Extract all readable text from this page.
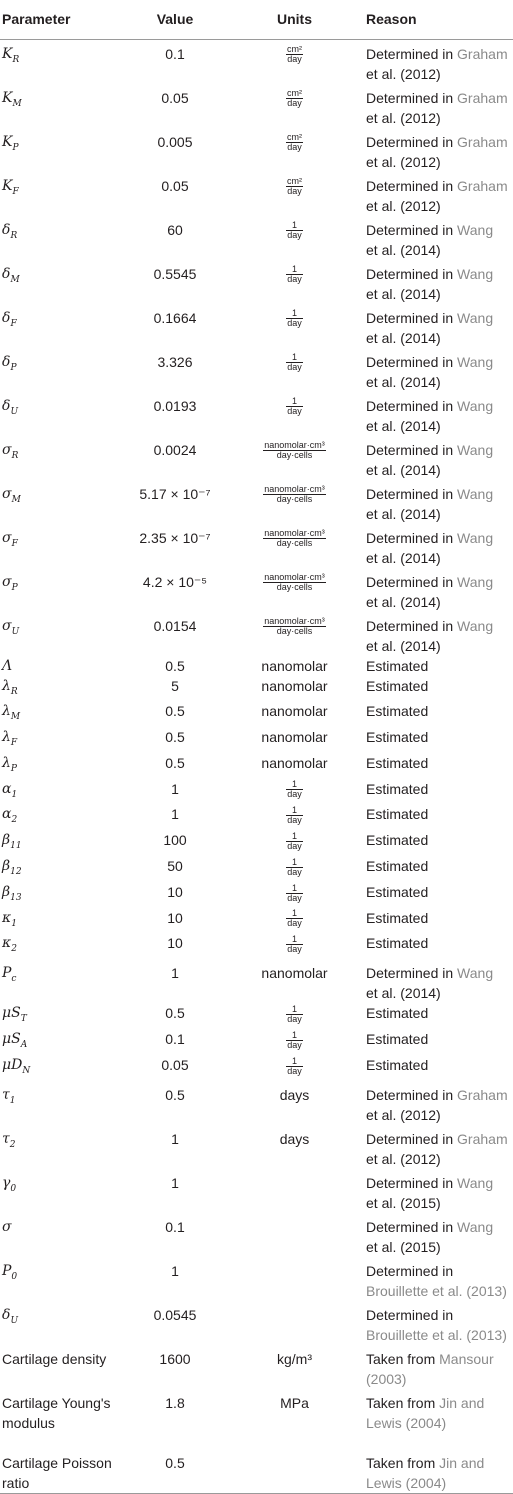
Parameter	Value	Units	Reason
$K_R$	0.1	$\frac{\text{cm²}}{\text{day}}$	Determined in Graham
et al. (2012)
$K_M$	0.05	$\frac{\text{cm²}}{\text{day}}$	Determined in Graham
et al. (2012)
$K_P$	0.005	$\frac{\text{cm²}}{\text{day}}$	Determined in Graham
et al. (2012)
$K_F$	0.05	$\frac{\text{cm²}}{\text{day}}$	Determined in Graham
et al. (2012)
$\delta_R$	60	$\frac{1}{\text{day}}$	Determined in Wang
et al. (2014)
$\delta_M$	0.5545	$\frac{1}{\text{day}}$	Determined in Wang
et al. (2014)
$\delta_F$	0.1664	$\frac{1}{\text{day}}$	Determined in Wang
et al. (2014)
$\delta_P$	3.326	$\frac{1}{\text{day}}$	Determined in Wang
et al. (2014)
$\delta_U$	0.0193	$\frac{1}{\text{day}}$	Determined in Wang
et al. (2014)
$\sigma_R$	0.0024	$\frac{\text{nanomolar·cm³}}{\text{day·cells}}$	Determined in Wang
et al. (2014)
$\sigma_M$	5.17 × 10⁻⁷	$\frac{\text{nanomolar·cm³}}{\text{day·cells}}$	Determined in Wang
et al. (2014)
$\sigma_F$	2.35 × 10⁻⁷	$\frac{\text{nanomolar·cm³}}{\text{day·cells}}$	Determined in Wang
et al. (2014)
$\sigma_P$	4.2 × 10⁻⁵	$\frac{\text{nanomolar·cm³}}{\text{day·cells}}$	Determined in Wang
et al. (2014)
$\sigma_U$	0.0154	$\frac{\text{nanomolar·cm³}}{\text{day·cells}}$	Determined in Wang
et al. (2014)
Λ	0.5	nanomolar	Estimated
$\lambda_R$	5	nanomolar	Estimated
$\lambda_M$	0.5	nanomolar	Estimated
$\lambda_F$	0.5	nanomolar	Estimated
$\lambda_P$	0.5	nanomolar	Estimated
$\alpha_1$	1	$\frac{1}{\text{day}}$	Estimated
$\alpha_2$	1	$\frac{1}{\text{day}}$	Estimated
$\beta_{11}$	100	$\frac{1}{\text{day}}$	Estimated
$\beta_{12}$	50	$\frac{1}{\text{day}}$	Estimated
$\beta_{13}$	10	$\frac{1}{\text{day}}$	Estimated
$\kappa_1$	10	$\frac{1}{\text{day}}$	Estimated
$\kappa_2$	10	$\frac{1}{\text{day}}$	Estimated
$P_c$	1	nanomolar	Determined in Wang
et al. (2014)
$\mu S_T$	0.5	$\frac{1}{\text{day}}$	Estimated
$\mu S_A$	0.1	$\frac{1}{\text{day}}$	Estimated
$\mu D_N$	0.05	$\frac{1}{\text{day}}$	Estimated
$\tau_1$	0.5	days	Determined in Graham
et al. (2012)
$\tau_2$	1	days	Determined in Graham
et al. (2012)
$\gamma_0$	1		Determined in Wang
et al. (2015)
σ	0.1		Determined in Wang
et al. (2015)
$P_0$	1		Determined in
Brouillette et al. (2013)
$\delta_U$	0.0545		Determined in
Brouillette et al. (2013)
Cartilage density	1600	kg/m³	Taken from Mansour
(2003)
Cartilage Young's modulus	1.8	MPa	Taken from Jin and
Lewis (2004)
Cartilage Poisson ratio	0.5		Taken from Jin and
Lewis (2004)
